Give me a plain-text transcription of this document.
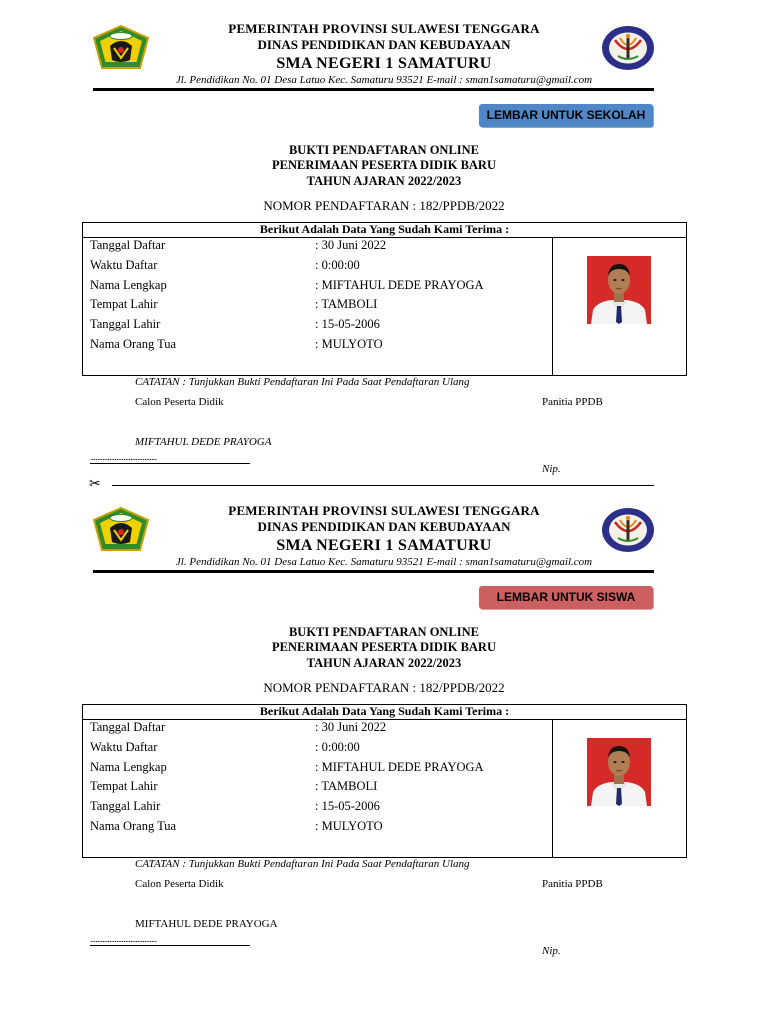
PEMERINTAH PROVINSI SULAWESI TENGGARA
DINAS PENDIDIKAN DAN KEBUDAYAAN
SMA NEGERI 1 SAMATURU
Jl. Pendidikan No. 01 Desa Latuo Kec. Samaturu 93521 E-mail : sman1samaturu@gmail.com
LEMBAR UNTUK SEKOLAH
BUKTI PENDAFTARAN ONLINE
PENERIMAAN PESERTA DIDIK BARU
TAHUN AJARAN 2022/2023
NOMOR PENDAFTARAN : 182/PPDB/2022
Berikut Adalah Data Yang Sudah Kami Terima :
Tanggal Daftar	: 30 Juni 2022
Waktu Daftar	: 0:00:00
Nama Lengkap	: MIFTAHUL DEDE PRAYOGA
Tempat Lahir	: TAMBOLI
Tanggal Lahir	: 15-05-2006
Nama Orang Tua	: MULYOTO
CATATAN : Tunjukkan Bukti Pendaftaran Ini Pada Saat Pendaftaran Ulang
Calon Peserta Didik	Panitia PPDB
MIFTAHUL DEDE PRAYOGA
......................................
Nip.
PEMERINTAH PROVINSI SULAWESI TENGGARA
DINAS PENDIDIKAN DAN KEBUDAYAAN
SMA NEGERI 1 SAMATURU
Jl. Pendidikan No. 01 Desa Latuo Kec. Samaturu 93521 E-mail : sman1samaturu@gmail.com
LEMBAR UNTUK SISWA
BUKTI PENDAFTARAN ONLINE
PENERIMAAN PESERTA DIDIK BARU
TAHUN AJARAN 2022/2023
NOMOR PENDAFTARAN : 182/PPDB/2022
Berikut Adalah Data Yang Sudah Kami Terima :
Tanggal Daftar	: 30 Juni 2022
Waktu Daftar	: 0:00:00
Nama Lengkap	: MIFTAHUL DEDE PRAYOGA
Tempat Lahir	: TAMBOLI
Tanggal Lahir	: 15-05-2006
Nama Orang Tua	: MULYOTO
CATATAN : Tunjukkan Bukti Pendaftaran Ini Pada Saat Pendaftaran Ulang
Calon Peserta Didik	Panitia PPDB
MIFTAHUL DEDE PRAYOGA
......................................
Nip.
✂
